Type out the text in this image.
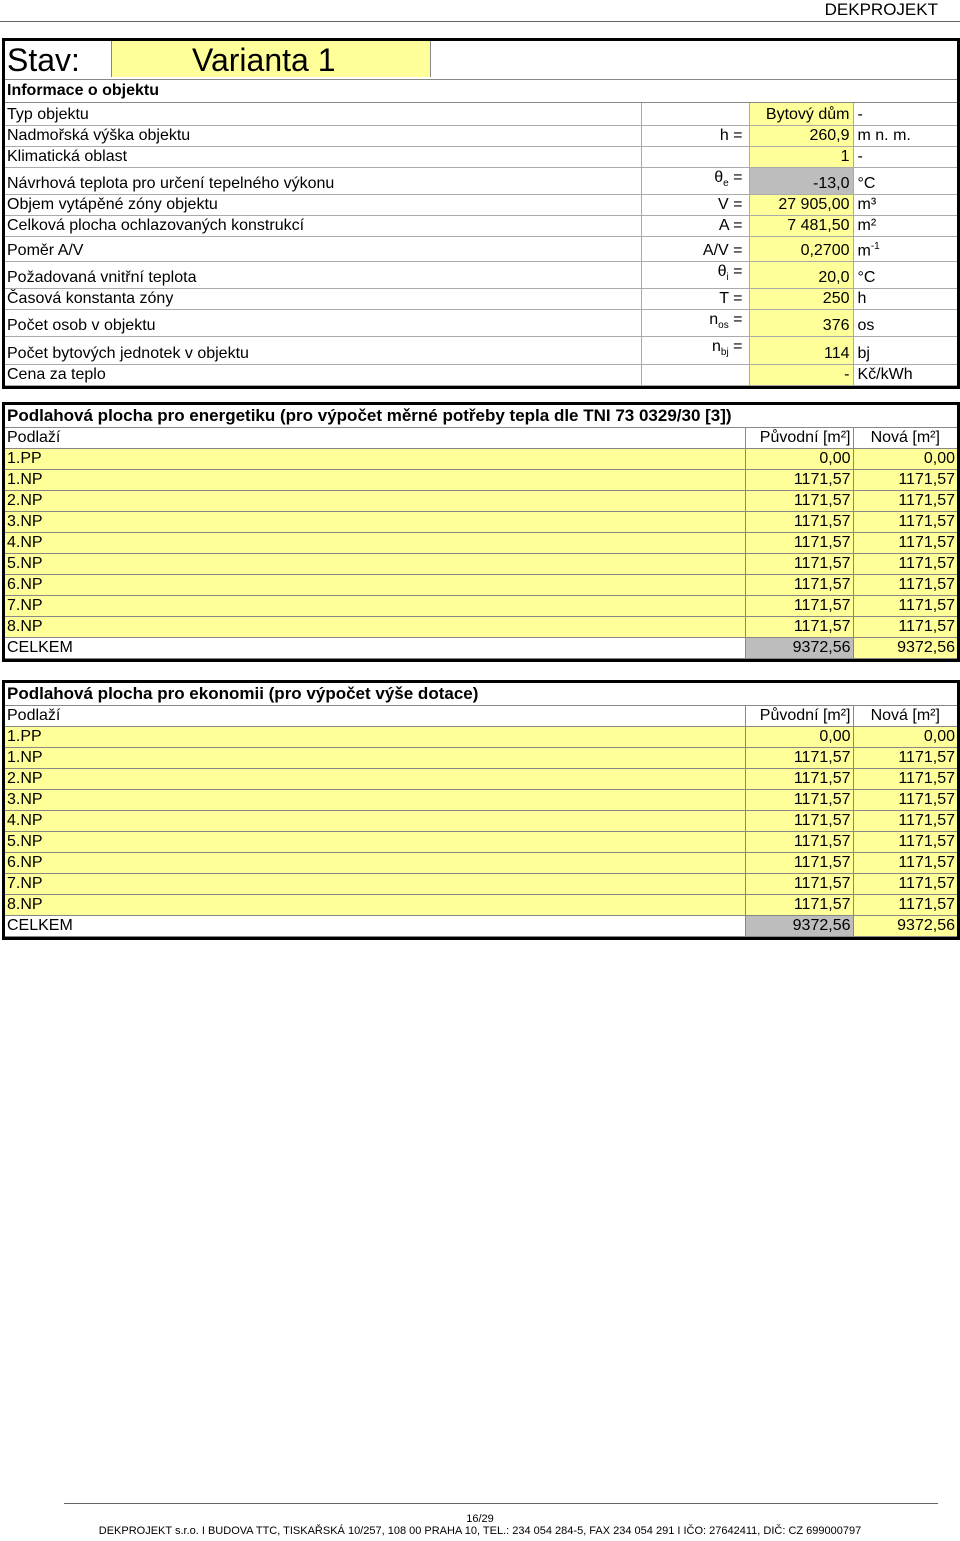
DEKPROJEKT
Stav:	Varianta 1
Informace o objektu
Typ objektu		Bytový dům	-
Nadmořská výška objektu	h =	260,9	m n. m.
Klimatická oblast		1	-
Návrhová teplota pro určení tepelného výkonu	$\theta_e$ =	-13,0	°C
Objem vytápěné zóny objektu	V =	27 905,00	m³
Celková plocha ochlazovaných konstrukcí	A =	7 481,50	m²
Poměr A/V	A/V =	0,2700	$m^{-1}$
Požadovaná vnitřní teplota	$\theta_i$ =	20,0	°C
Časová konstanta zóny	T =	250	h
Počet osob v objektu	$n_{os}$ =	376	os
Počet bytových jednotek v objektu	$n_{bj}$ =	114	bj
Cena za teplo		-	Kč/kWh
Podlahová plocha pro energetiku (pro výpočet měrné potřeby tepla dle TNI 73 0329/30 [3])		
Podlaží	Původní [m²]	Nová [m²]
1.PP	0,00	0,00
1.NP	1171,57	1171,57
2.NP	1171,57	1171,57
3.NP	1171,57	1171,57
4.NP	1171,57	1171,57
5.NP	1171,57	1171,57
6.NP	1171,57	1171,57
7.NP	1171,57	1171,57
8.NP	1171,57	1171,57
CELKEM	9372,56	9372,56
Podlahová plocha pro ekonomii (pro výpočet výše dotace)		
Podlaží	Původní [m²]	Nová [m²]
1.PP	0,00	0,00
1.NP	1171,57	1171,57
2.NP	1171,57	1171,57
3.NP	1171,57	1171,57
4.NP	1171,57	1171,57
5.NP	1171,57	1171,57
6.NP	1171,57	1171,57
7.NP	1171,57	1171,57
8.NP	1171,57	1171,57
CELKEM	9372,56	9372,56
16/29
DEKPROJEKT s.r.o. I BUDOVA TTC, TISKAŘSKÁ 10/257, 108 00 PRAHA 10, TEL.: 234 054 284-5, FAX 234 054 291 I IČO: 27642411, DIČ: CZ 699000797
